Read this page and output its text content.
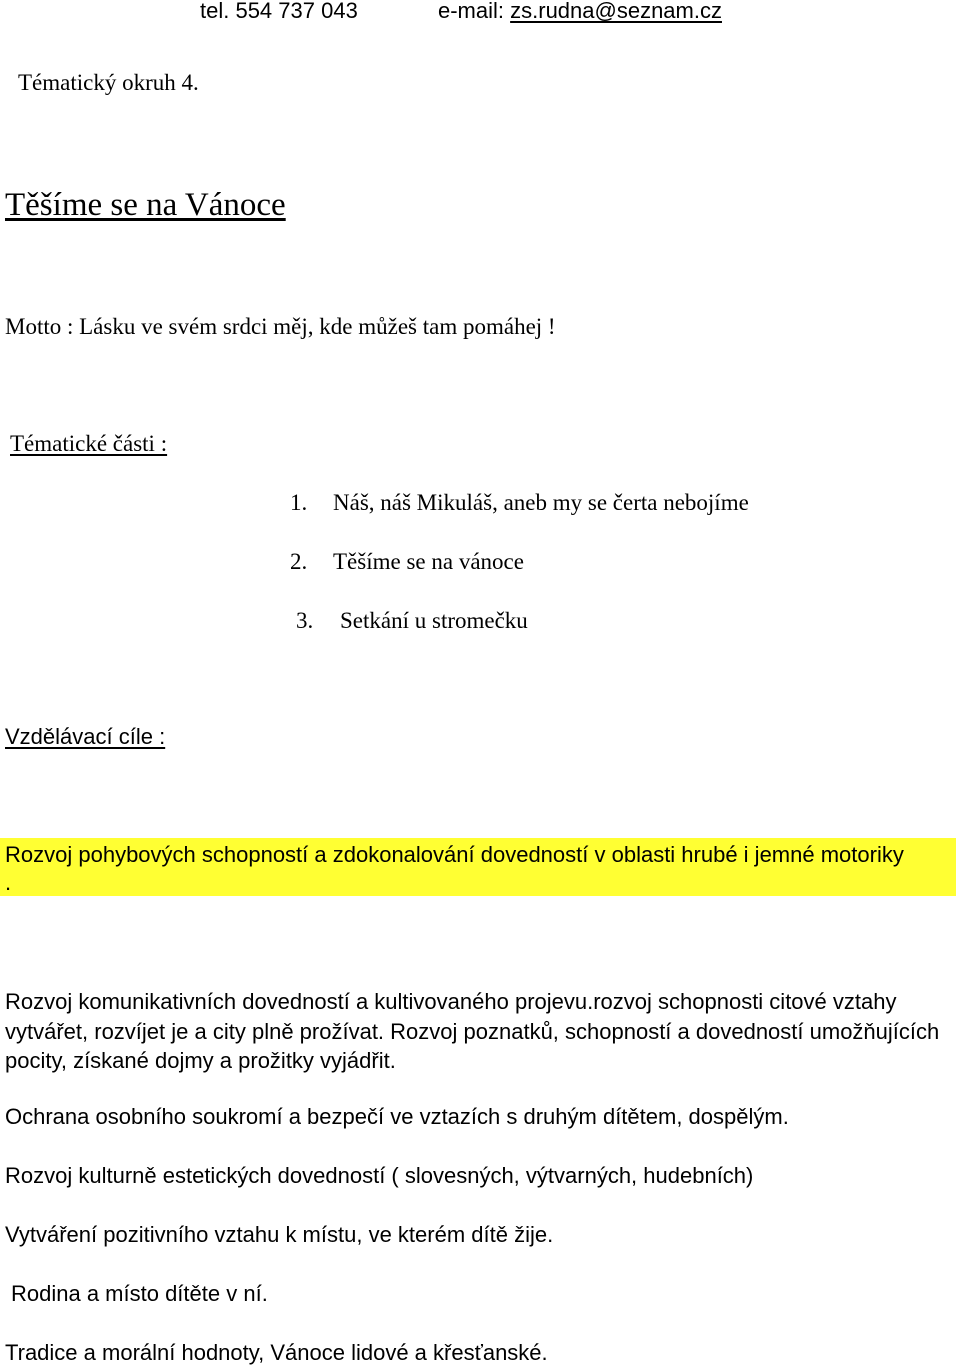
tel. 554 737 043	e-mail: zs.rudna@seznam.cz
Tématický okruh 4.
Těšíme se na Vánoce
Motto : Lásku ve svém srdci měj, kde můžeš tam pomáhej !
Tématické části :
1. Náš, náš Mikuláš, aneb my se čerta nebojíme
2. Těšíme se na vánoce
3. Setkání u stromečku
Vzdělávací cíle :
Rozvoj pohybových schopností a zdokonalování dovedností v oblasti hrubé i jemné motoriky
.
Rozvoj komunikativních dovedností a kultivovaného projevu.rozvoj schopnosti citové vztahy vytvářet, rozvíjet je a city plně prožívat. Rozvoj poznatků, schopností a dovedností umožňujících pocity, získané dojmy a prožitky vyjádřit.
Ochrana osobního soukromí a bezpečí ve vztazích s druhým dítětem, dospělým.
Rozvoj kulturně estetických dovedností ( slovesných, výtvarných, hudebních)
Vytváření pozitivního vztahu k místu, ve kterém dítě žije.
Rodina a místo dítěte v ní.
Tradice a morální hodnoty, Vánoce lidové a křesťanské.
